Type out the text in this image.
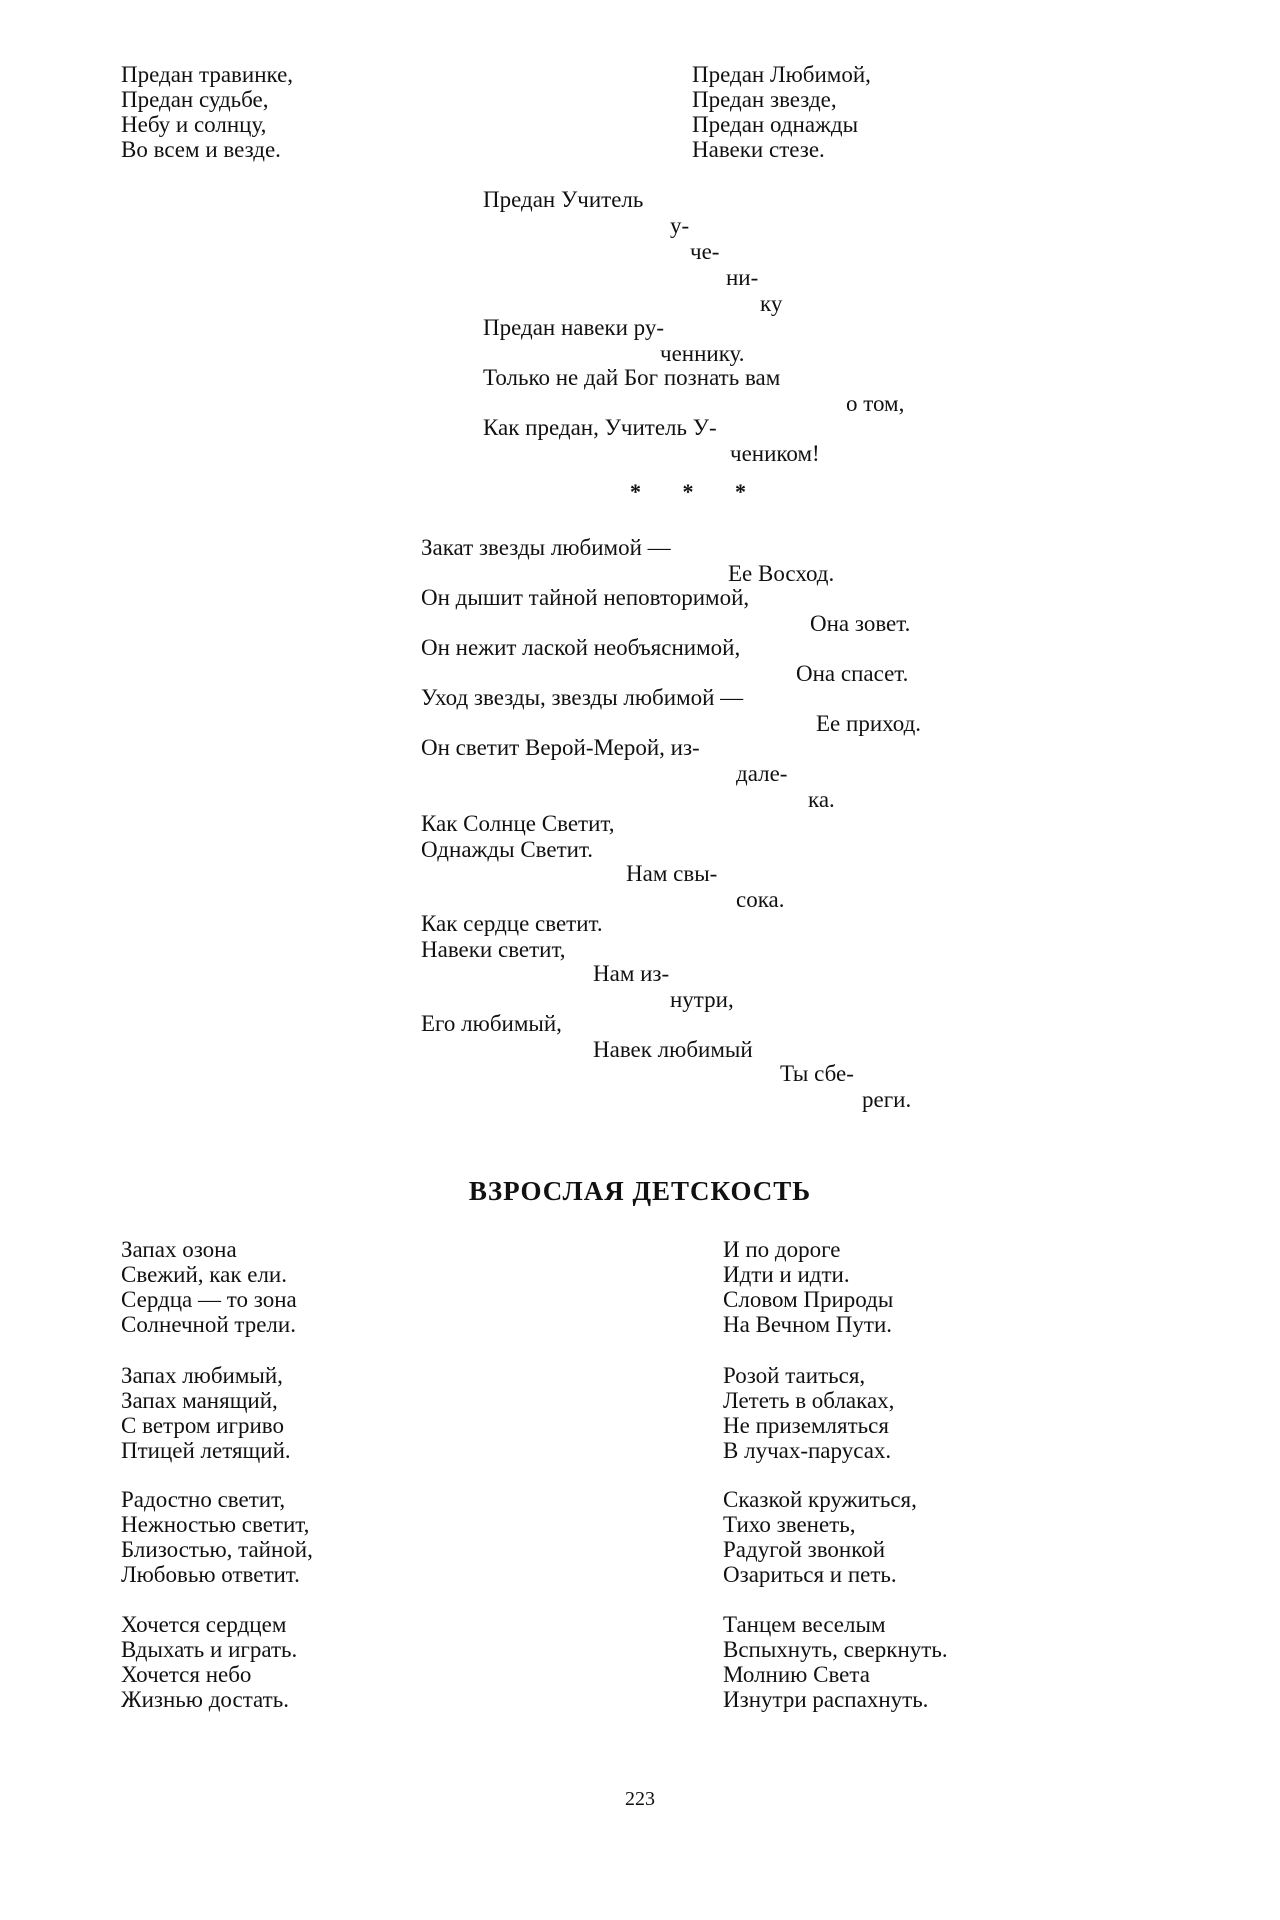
Предан травинке,
Предан судьбе,
Небу и солнцу,
Во всем и везде.
Предан Любимой,
Предан звезде,
Предан однажды
Навеки стезе.
Предан Учитель
у-
че-
ни-
ку
Предан навеки ру-
ченнику.
Только не дай Бог познать вам
о том,
Как предан, Учитель У-
чеником!
* * *
Закат звезды любимой —
Ее Восход.
Он дышит тайной неповторимой,
Она зовет.
Он нежит лаской необъяснимой,
Она спасет.
Уход звезды, звезды любимой —
Ее приход.
Он светит Верой-Мерой, из-
дале-
ка.
Как Солнце Светит,
Однажды Светит.
Нам свы-
сока.
Как сердце светит.
Навеки светит,
Нам из-
нутри,
Его любимый,
Навек любимый
Ты сбе-
реги.
ВЗРОСЛАЯ ДЕТСКОСТЬ
Запах озона
Свежий, как ели.
Сердца — то зона
Солнечной трели.
Запах любимый,
Запах манящий,
С ветром игриво
Птицей летящий.
Радостно светит,
Нежностью светит,
Близостью, тайной,
Любовью ответит.
Хочется сердцем
Вдыхать и играть.
Хочется небо
Жизнью достать.
И по дороге
Идти и идти.
Словом Природы
На Вечном Пути.
Розой таиться,
Лететь в облаках,
Не приземляться
В лучах-парусах.
Сказкой кружиться,
Тихо звенеть,
Радугой звонкой
Озариться и петь.
Танцем веселым
Вспыхнуть, сверкнуть.
Молнию Света
Изнутри распахнуть.
223
